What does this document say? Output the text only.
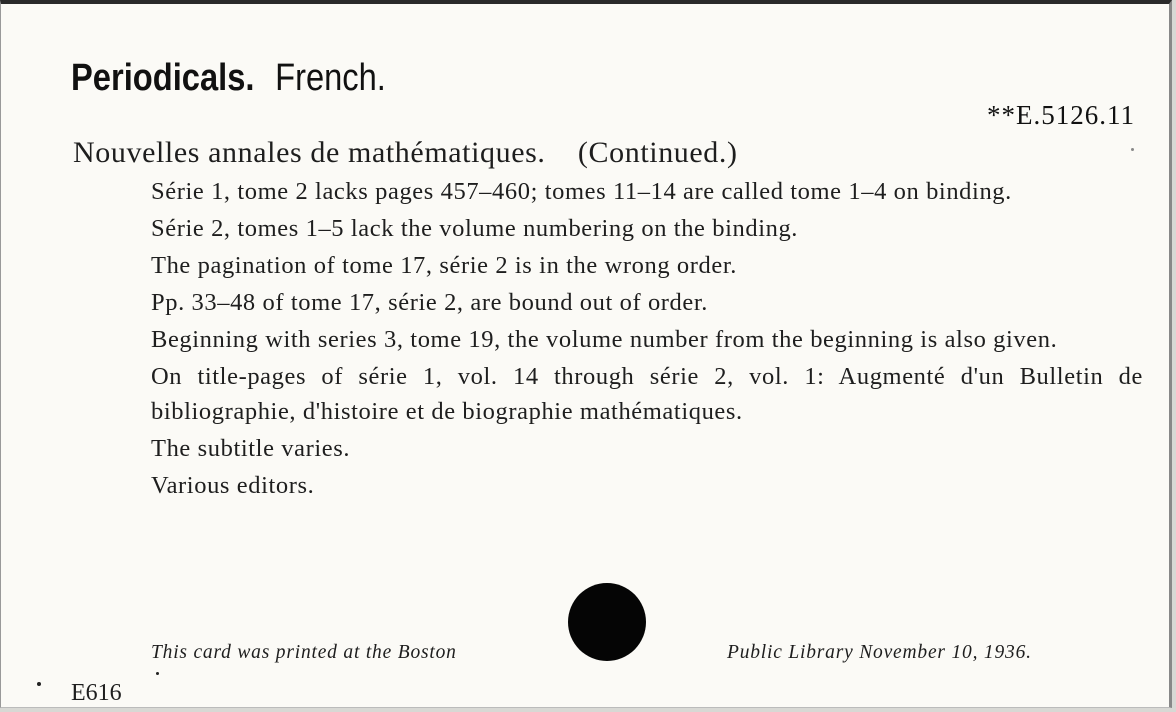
Periodicals. French.
**E.5126.11
Nouvelles annales de mathématiques.    (Continued.)
Série 1, tome 2 lacks pages 457–460; tomes 11–14 are called tome 1–4 on binding.
Série 2, tomes 1–5 lack the volume numbering on the binding.
The pagination of tome 17, série 2 is in the wrong order.
Pp. 33–48 of tome 17, série 2, are bound out of order.
Beginning with series 3, tome 19, the volume number from the beginning is also given.
On title-pages of série 1, vol. 14 through série 2, vol. 1: Augmenté d'un Bulletin de bibliographie, d'histoire et de biographie mathématiques.
The subtitle varies.
Various editors.
This card was printed at the Boston	Public Library November 10, 1936.
E616
